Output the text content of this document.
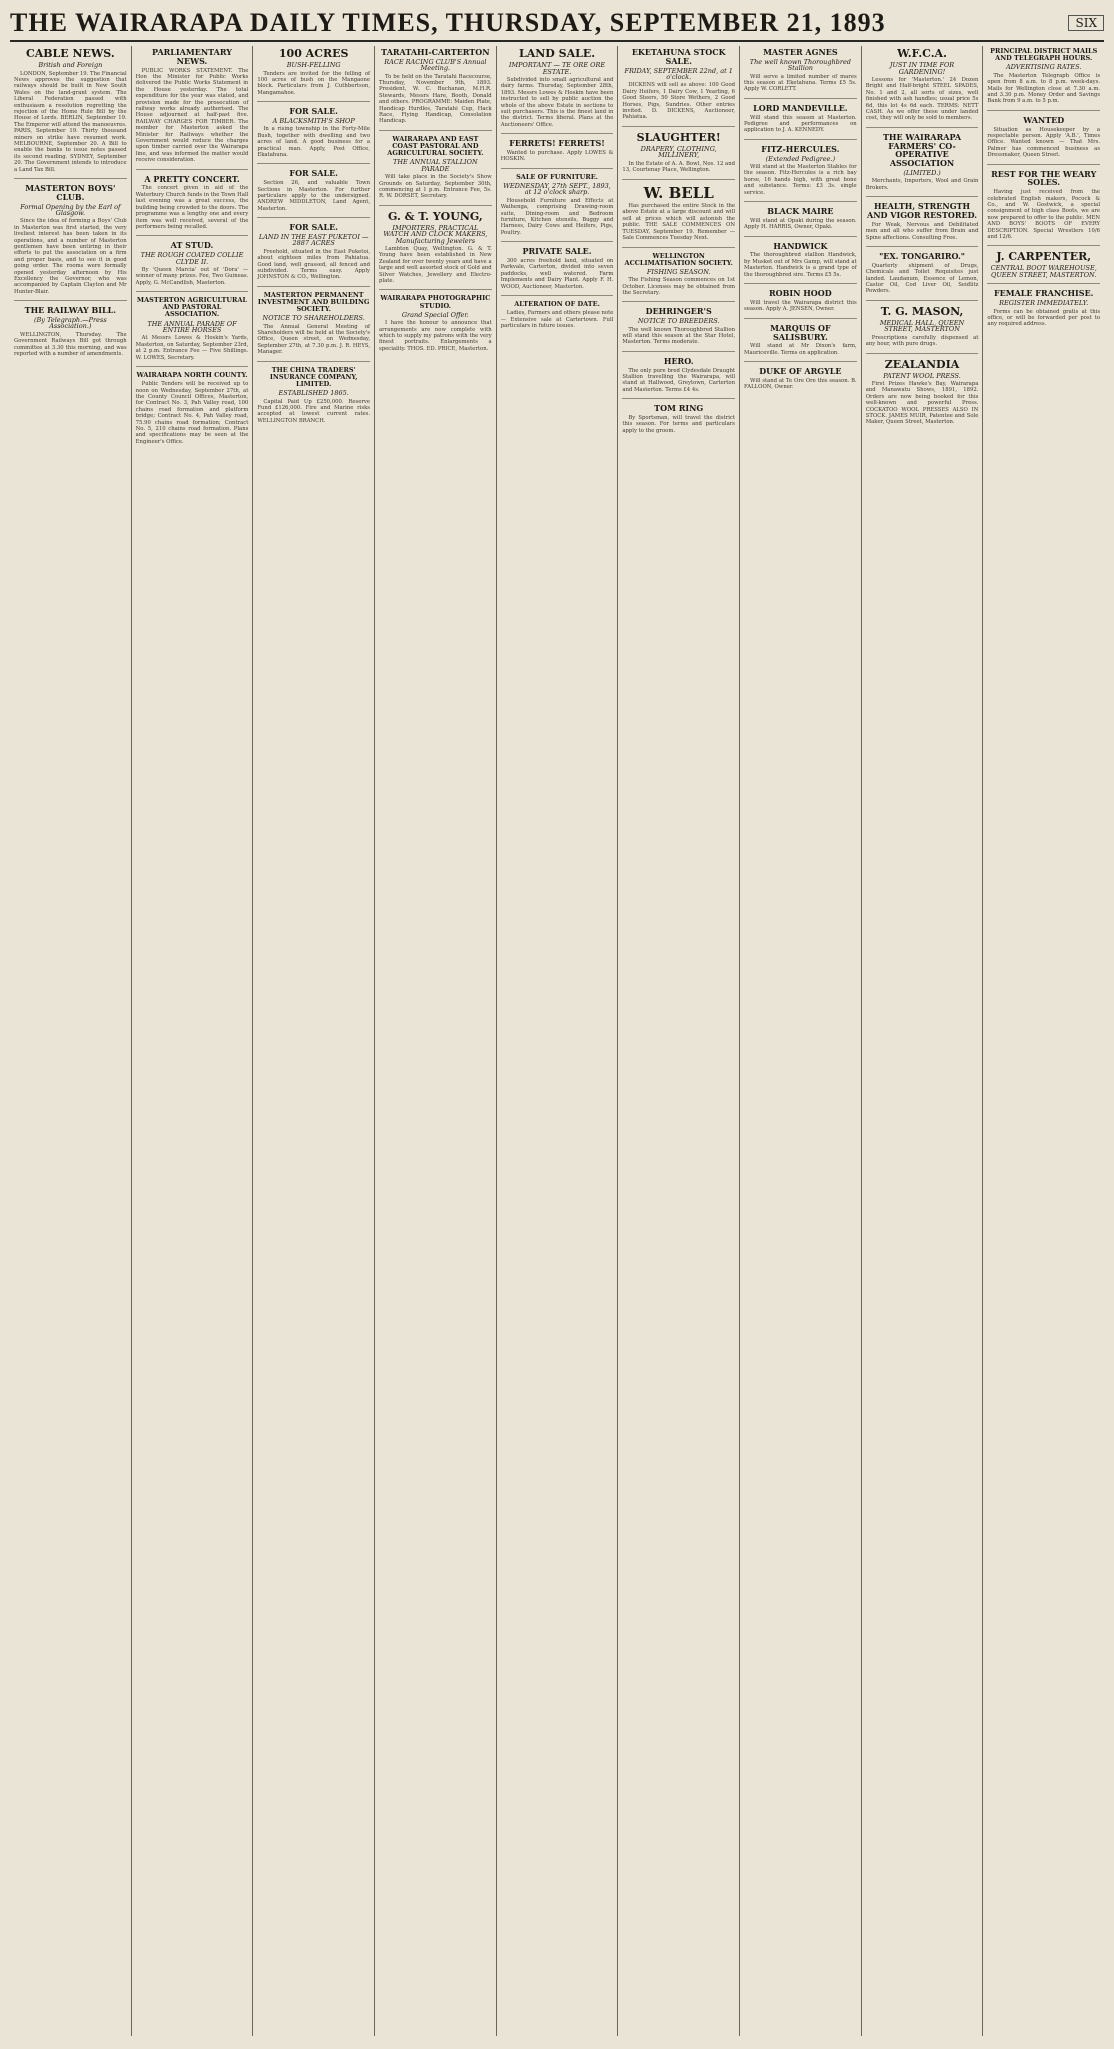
THE WAIRARAPA DAILY TIMES, THURSDAY, SEPTEMBER 21, 1893	SIX
CABLE NEWS.
British and Foreign
LONDON, September 19. The Financial News approves the suggestion that railways should be built in New South Wales on the land-grant system. The Liberal Federation passed with enthusiasm a resolution regretting the rejection of the Home Rule Bill by the House of Lords. BERLIN, September 19. The Emperor will attend the manoeuvres. PARIS, September 19. Thirty thousand miners on strike have resumed work. MELBOURNE, September 20. A Bill to enable the banks to issue notes passed its second reading. SYDNEY, September 20. The Government intends to introduce a Land Tax Bill.
MASTERTON BOYS' CLUB.
Formal Opening by the Earl of Glasgow.
Since the idea of forming a Boys' Club in Masterton was first started, the very liveliest interest has been taken in its operations, and a number of Masterton gentlemen have been untiring in their efforts to put the association on a firm and proper basis, and to see it in good going order. The rooms were formally opened yesterday afternoon by His Excellency the Governor, who was accompanied by Captain Clayton and Mr Hunter-Blair.
THE RAILWAY BILL.
(By Telegraph.—Press Association.)
WELLINGTON, Thursday. The Government Railways Bill got through committee at 3.30 this morning, and was reported with a number of amendments.
PARLIAMENTARY NEWS.
PUBLIC WORKS STATEMENT. The Hon the Minister for Public Works delivered the Public Works Statement in the House yesterday. The total expenditure for the year was stated, and provision made for the prosecution of railway works already authorised. The House adjourned at half-past five. RAILWAY CHARGES FOR TIMBER. The member for Masterton asked the Minister for Railways whether the Government would reduce the charges upon timber carried over the Wairarapa line, and was informed the matter would receive consideration.
A PRETTY CONCERT.
The concert given in aid of the Waterbury Church funds in the Town Hall last evening was a great success, the building being crowded to the doors. The programme was a lengthy one and every item was well received, several of the performers being recalled.
AT STUD.
THE ROUGH COATED COLLIE CLYDE II.
By 'Queen Marcia' out of 'Dora' — winner of many prizes. Fee, Two Guineas. Apply, G. McCandlish, Masterton.
MASTERTON AGRICULTURAL AND PASTORAL ASSOCIATION.
THE ANNUAL PARADE OF ENTIRE HORSES
At Messrs Lowes & Hoskin's Yards, Masterton, on Saturday, September 23rd, at 2 p.m. Entrance Fee — Five Shillings. W. LOWES, Secretary.
WAIRARAPA NORTH COUNTY.
Public Tenders will be received up to noon on Wednesday, September 27th, at the County Council Offices, Masterton, for Contract No. 3, Pah Valley road, 100 chains road formation and platform bridge; Contract No. 4, Pah Valley road, 75.90 chains road formation; Contract No. 5, 210 chains road formation. Plans and specifications may be seen at the Engineer's Office.
100 ACRES
BUSH-FELLING
Tenders are invited for the felling of 100 acres of bush on the Mangaone block. Particulars from J. Cuthbertson, Mangamahoe.
FOR SALE.
A BLACKSMITH'S SHOP
In a rising township in the Forty-Mile Bush, together with dwelling and two acres of land. A good business for a practical man. Apply, Post Office, Ekatahuna.
FOR SALE.
Section 26, and valuable Town Sections in Masterton. For further particulars apply to the undersigned. ANDREW MIDDLETON, Land Agent, Masterton.
FOR SALE.
LAND IN THE EAST PUKETOI — 2887 ACRES
Freehold, situated in the East Puketoi, about eighteen miles from Pahiatua. Good land, well grassed, all fenced and subdivided. Terms easy. Apply JOHNSTON & CO., Wellington.
MASTERTON PERMANENT INVESTMENT AND BUILDING SOCIETY.
NOTICE TO SHAREHOLDERS.
The Annual General Meeting of Shareholders will be held at the Society's Office, Queen street, on Wednesday, September 27th, at 7.30 p.m. J. R. HEYS, Manager.
THE CHINA TRADERS' INSURANCE COMPANY, LIMITED.
ESTABLISHED 1865.
Capital Paid Up £250,000. Reserve Fund £126,000. Fire and Marine risks accepted at lowest current rates. WELLINGTON BRANCH.
TARATAHI-CARTERTON
RACE RACING CLUB'S Annual Meeting.
To be held on the Taratahi Racecourse, Thursday, November 9th, 1893. President, W. C. Buchanan, M.H.R. Stewards, Messrs Hare, Booth, Donald and others. PROGRAMME: Maiden Plate, Handicap Hurdles, Taratahi Cup, Hack Race, Flying Handicap, Consolation Handicap.
WAIRARAPA AND EAST COAST PASTORAL AND AGRICULTURAL SOCIETY.
THE ANNUAL STALLION PARADE
Will take place in the Society's Show Grounds on Saturday, September 30th, commencing at 1 p.m. Entrance Fee, 5s. R. W. DORSET, Secretary.
G. & T. YOUNG,
IMPORTERS, PRACTICAL WATCH AND CLOCK MAKERS, Manufacturing Jewelers
Lambton Quay, Wellington. G. & T. Young have been established in New Zealand for over twenty years and have a large and well assorted stock of Gold and Silver Watches, Jewellery and Electro-plate.
WAIRARAPA PHOTOGRAPHIC STUDIO.
Grand Special Offer.
I have the honour to announce that arrangements are now complete with which to supply my patrons with the very finest portraits. Enlargements a speciality. THOS. ED. PRICE, Masterton.
LAND SALE.
IMPORTANT — TE ORE ORE ESTATE.
Subdivided into small agricultural and dairy farms. Thursday, September 28th, 1893. Messrs Lowes & Hoskin have been instructed to sell by public auction the whole of the above Estate in sections to suit purchasers. This is the finest land in the district. Terms liberal. Plans at the Auctioneers' Office.
FERRETS! FERRETS!
Wanted to purchase. Apply LOWES & HOSKIN.
SALE OF FURNITURE.
WEDNESDAY, 27th SEPT., 1893, at 12 o'clock sharp.
Household Furniture and Effects at Waihenga, comprising Drawing-room suite, Dining-room and Bedroom furniture, Kitchen utensils, Buggy and Harness, Dairy Cows and Heifers, Pigs, Poultry.
PRIVATE SALE.
300 acres freehold land, situated on Parkvale, Carterton, divided into seven paddocks, well watered. Farm Implements and Dairy Plant. Apply F. H. WOOD, Auctioneer, Masterton.
ALTERATION OF DATE.
Ladies, Farmers and others please note — Extensive sale at Cartertown. Full particulars in future issues.
EKETAHUNA STOCK SALE.
FRIDAY, SEPTEMBER 22nd, at 1 o'clock.
DICKENS will sell as above: 100 Good Dairy Heifers, 1 Dairy Cow, 1 Yearling, 6 Good Steers, 50 Store Wethers, 2 Good Horses, Pigs, Sundries. Other entries invited. D. DICKENS, Auctioneer, Pahiatua.
SLAUGHTER!
DRAPERY, CLOTHING, MILLINERY,
In the Estate of A. A. Bowl, Nos. 12 and 13, Courtenay Place, Wellington.
W. BELL
Has purchased the entire Stock in the above Estate at a large discount and will sell at prices which will astonish the public. THE SALE COMMENCES ON TUESDAY, September 19. Remember — Sale Commences Tuesday Next.
WELLINGTON ACCLIMATISATION SOCIETY.
FISHING SEASON.
The Fishing Season commences on 1st October. Licenses may be obtained from the Secretary.
DEHRINGER'S
NOTICE TO BREEDERS.
The well known Thoroughbred Stallion will stand this season at the Star Hotel, Masterton. Terms moderate.
HERO.
The only pure bred Clydesdale Draught Stallion travelling the Wairarapa, will stand at Hallwood, Greytown, Carterton and Masterton. Terms £4 4s.
TOM RING
By Sportsman, will travel the district this season. For terms and particulars apply to the groom.
MASTER AGNES
The well known Thoroughbred Stallion
Will serve a limited number of mares this season at Eketahuna. Terms £5 5s. Apply W. CORLETT.
LORD MANDEVILLE.
Will stand this season at Masterton. Pedigree and performances on application to J. A. KENNEDY.
FITZ-HERCULES.
(Extended Pedigree.)
Will stand at the Masterton Stables for the season. Fitz-Hercules is a rich bay horse, 16 hands high, with great bone and substance. Terms: £3 3s. single service.
BLACK MAIRE
Will stand at Opaki during the season. Apply H. HARRIS, Owner, Opaki.
HANDWICK
The thoroughbred stallion Handwick, by Musket out of Mrs Gamp, will stand at Masterton. Handwick is a grand type of the thoroughbred sire. Terms £5 5s.
ROBIN HOOD
Will travel the Wairarapa district this season. Apply A. JENSEN, Owner.
MARQUIS OF SALISBURY.
Will stand at Mr Dixon's farm, Mauriceville. Terms on application.
DUKE OF ARGYLE
Will stand at Te Ore Ore this season. B. FALLOON, Owner.
W.F.C.A.
JUST IN TIME FOR GARDENING!
Lessons for 'Masterton.' 24 Dozen Bright and Half-bright STEEL SPADES, No. 1 and 2, all sorts of sizes, well finished with ash handles; usual price 5s 6d, this lot 4s 6d each. TERMS: NETT CASH. As we offer these under landed cost, they will only be sold to members.
THE WAIRARAPA FARMERS' CO-OPERATIVE ASSOCIATION
(LIMITED.)
Merchants, Importers, Wool and Grain Brokers.
HEALTH, STRENGTH AND VIGOR RESTORED.
For Weak, Nervous and Debilitated men and all who suffer from Brain and Spine affections. Consulting Free.
"EX. TONGARIRO."
Quarterly shipment of Drugs, Chemicals and Toilet Requisites just landed. Laudanum, Essence of Lemon, Castor Oil, Cod Liver Oil, Seidlitz Powders.
T. G. MASON,
MEDICAL HALL, QUEEN STREET, MASTERTON
Prescriptions carefully dispensed at any hour, with pure drugs.
ZEALANDIA
PATENT WOOL PRESS.
First Prizes Hawke's Bay, Wairarapa and Manawatu Shows, 1891, 1892. Orders are now being booked for this well-known and powerful Press. COCKATOO WOOL PRESSES ALSO IN STOCK. JAMES MUIR, Patentee and Sole Maker, Queen Street, Masterton.
PRINCIPAL DISTRICT MAILS AND TELEGRAPH HOURS.
ADVERTISING RATES.
The Masterton Telegraph Office is open from 8 a.m. to 8 p.m. week-days. Mails for Wellington close at 7.30 a.m. and 3.30 p.m. Money Order and Savings Bank from 9 a.m. to 5 p.m.
WANTED
Situation as Housekeeper by a respectable person. Apply 'A.B.', Times Office. Wanted known — That Mrs. Palmer has commenced business as Dressmaker, Queen Street.
REST FOR THE WEARY SOLES.
Having just received from the celebrated English makers, Pocock & Co., and W. Gostwick, a special consignment of high class Boots, we are now prepared to offer to the public. MEN AND BOYS' BOOTS OF EVERY DESCRIPTION. Special Wrestlers 10/6 and 12/6.
J. CARPENTER,
CENTRAL BOOT WAREHOUSE, QUEEN STREET, MASTERTON.
FEMALE FRANCHISE.
REGISTER IMMEDIATELY.
Forms can be obtained gratis at this office, or will be forwarded per post to any required address.
